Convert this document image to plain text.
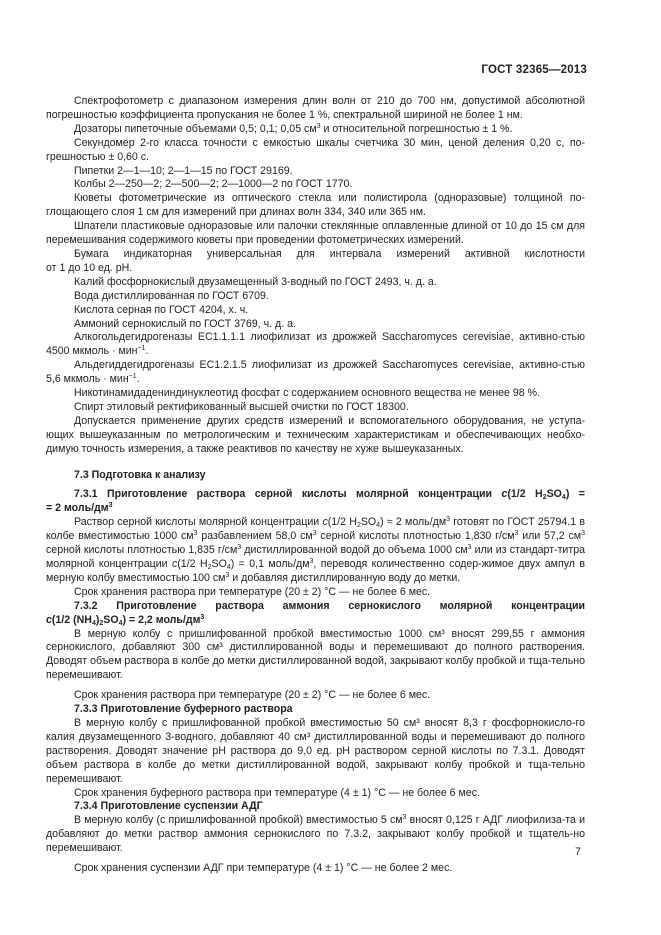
ГОСТ 32365—2013

Спектрофотометр с диапазоном измерения длин волн от 210 до 700 нм, допустимой абсолютной погрешностью коэффициента пропускания не более 1 %, спектральной шириной не более 1 нм.

Дозаторы пипеточные объемами 0,5; 0,1; 0,05 $см^3$ и относительной погрешностью ± 1 %.

Секундомер 2-го класса точности с емкостью шкалы счетчика 30 мин, ценой деления 0,20 с, по-

грешностью ± 0,60 с.

Пипетки 2—1—10; 2—1—15 по ГОСТ 29169.

Колбы 2—250—2; 2—500—2; 2—1000—2 по ГОСТ 1770.

Кюветы фотометрические из оптического стекла или полистирола (одноразовые) толщиной по-глощающего слоя 1 см для измерений при длинах волн 334, 340 или 365 нм.

Шпатели пластиковые одноразовые или палочки стеклянные оплавленные длиной от 10 до 15 см для перемешивания содержимого кюветы при проведении фотометрических измерений.

Бумага индикаторная универсальная для интервала измерений активной кислотности

от 1 до 10 ед. pH.

Калий фосфорнокислый двузамещенный 3-водный по ГОСТ 2493, ч. д. а.

Вода дистиллированная по ГОСТ 6709.

Кислота серная по ГОСТ 4204, х. ч.

Аммоний сернокислый по ГОСТ 3769, ч. д. а.

Алкогольдегидрогеназы ЕС1.1.1.1 лиофилизат из дрожжей Saccharomyces cerevisiae, активно-стью 4500 мкмоль · мин$^{-1}$.

Альдегиддегидрогеназы ЕС1.2.1.5 лиофилизат из дрожжей Saccharomyces cerevisiae, активно-стью 5,6 мкмоль · мин$^{-1}$.

Никотинамидадениндинуклеотид фосфат с содержанием основного вещества не менее 98 %.

Спирт этиловый ректификованный высшей очистки по ГОСТ 18300.

Допускается применение других средств измерений и вспомогательного оборудования, не уступа-ющих вышеуказанным по метрологическим и техническим характеристикам и обеспечивающих необхо-димую точность измерения, а также реактивов по качеству не хуже вышеуказанных.

7.3 Подготовка к анализу

7.3.1 Приготовление раствора серной кислоты молярной концентрации c(1/2 $H_2SO_4$) =

= 2 моль/$дм^3$

Раствор серной кислоты молярной концентрации c(1/2 $H_2SO_4) \approx 2$ моль/$дм^3$ готовят по ГОСТ 25794.1 в колбе вместимостью 1000 $см^3$ разбавлением 58,0 $см^3$ серной кислоты плотностью 1,830 $г/см^3$ или 57,2 $см^3$ серной кислоты плотностью 1,835 $г/см^3$ дистиллированной водой до объема 1000 $см^3$ или из стандарт-титра молярной концентрации c(1/2 $H_2SO_4) = 0,1$ моль/$дм^3$, переводя количественно содер-жимое двух ампул в мерную колбу вместимостью 100 $см^3$ и добавляя дистиллированную воду до метки.

Срок хранения раствора при температуре (20 ± 2) °С — не более 6 мес.

7.3.2 Приготовление раствора аммония сернокислого молярной концентрации

c(1/2 $(NH_4)_2SO_4) = 2,2$ моль/$дм^3$

В мерную колбу с пришлифованной пробкой вместимостью 1000 см³ вносят 299,55 г аммония сернокислого, добавляют 300 см³ дистиллированной воды и перемешивают до полного растворения. Доводят объем раствора в колбе до метки дистиллированной водой, закрывают колбу пробкой и тща-тельно перемешивают.

Срок хранения раствора при температуре (20 ± 2) °С — не более 6 мес.

7.3.3 Приготовление буферного раствора

В мерную колбу с пришлифованной пробкой вместимостью 50 см³ вносят 8,3 г фосфорнокисло-го калия двузамещенного 3-водного, добавляют 40 см³ дистиллированной воды и перемешивают до полного растворения. Доводят значение pH раствора до 9,0 ед. pH раствором серной кислоты по 7.3.1. Доводят объем раствора в колбе до метки дистиллированной водой, закрывают колбу пробкой и тща-тельно перемешивают.

Срок хранения буферного раствора при температуре (4 ± 1) °С — не более 6 мес.

7.3.4 Приготовление суспензии АДГ

В мерную колбу (с пришлифованной пробкой) вместимостью 5 $см^3$ вносят 0,125 г АДГ лиофилиза-та и добавляют до метки раствор аммония сернокислого по 7.3.2, закрывают колбу пробкой и тщатель-но перемешивают.

Срок хранения суспензии АДГ при температуре (4 ± 1) °С — не более 2 мес.

7
